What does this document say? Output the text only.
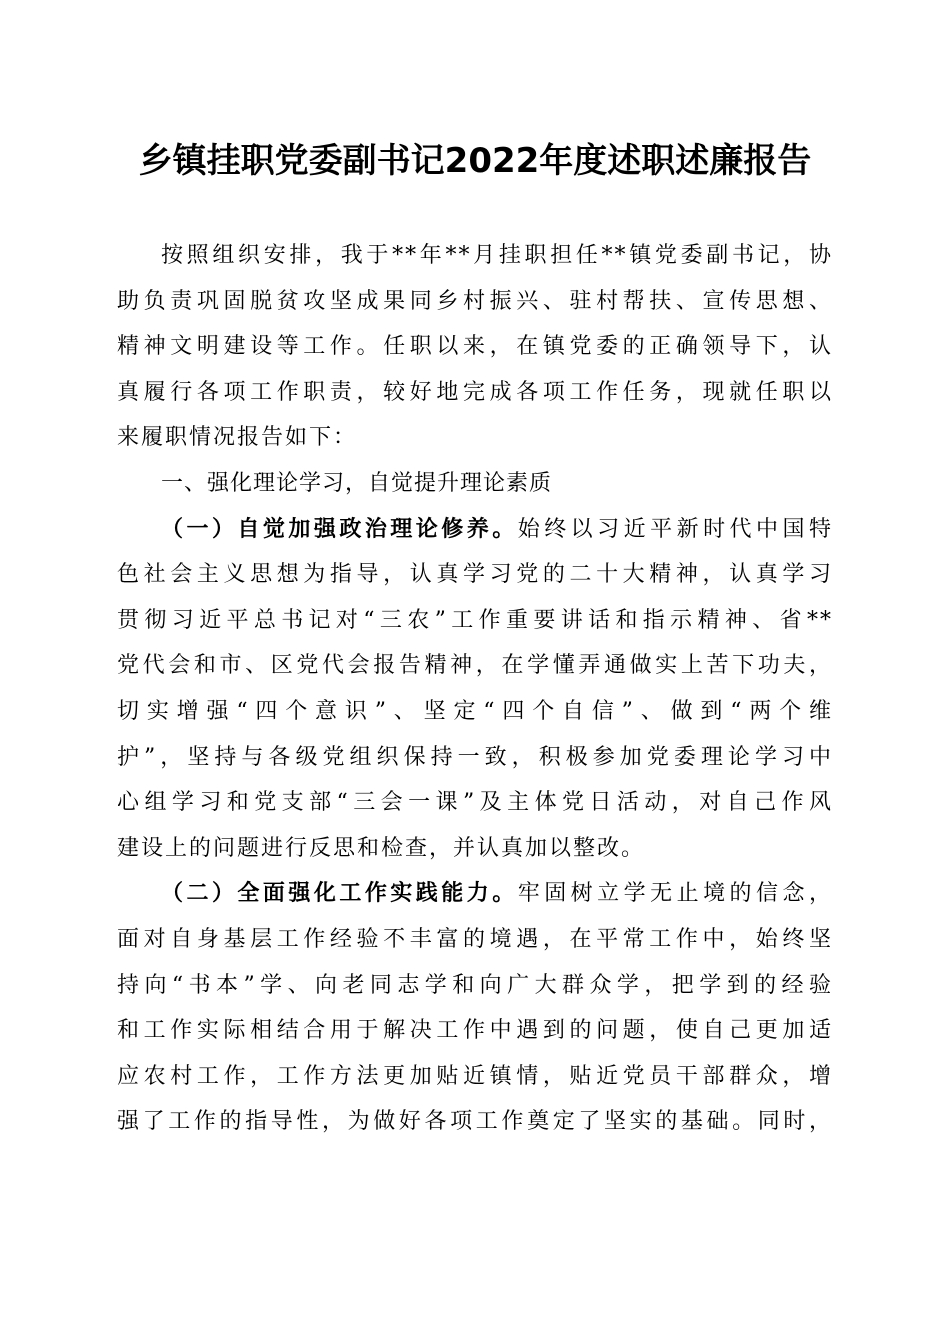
乡镇挂职党委副书记2022年度述职述廉报告
按照组织安排，我于**年**月挂职担任**镇党委副书记，协
助负责巩固脱贫攻坚成果同乡村振兴、驻村帮扶、宣传思想、
精神文明建设等工作。任职以来，在镇党委的正确领导下，认
真履行各项工作职责，较好地完成各项工作任务，现就任职以
来履职情况报告如下：
一、强化理论学习，自觉提升理论素质
（一）自觉加强政治理论修养。始终以习近平新时代中国特
色社会主义思想为指导，认真学习党的二十大精神，认真学习
贯彻习近平总书记对“三农”工作重要讲话和指示精神、省**
党代会和市、区党代会报告精神，在学懂弄通做实上苦下功夫，
切实增强“四个意识”、坚定“四个自信”、做到“两个维
护”，坚持与各级党组织保持一致，积极参加党委理论学习中
心组学习和党支部“三会一课”及主体党日活动，对自己作风
建设上的问题进行反思和检查，并认真加以整改。
（二）全面强化工作实践能力。牢固树立学无止境的信念，
面对自身基层工作经验不丰富的境遇，在平常工作中，始终坚
持向“书本”学、向老同志学和向广大群众学，把学到的经验
和工作实际相结合用于解决工作中遇到的问题，使自己更加适
应农村工作，工作方法更加贴近镇情，贴近党员干部群众，增
强了工作的指导性，为做好各项工作奠定了坚实的基础。同时，
